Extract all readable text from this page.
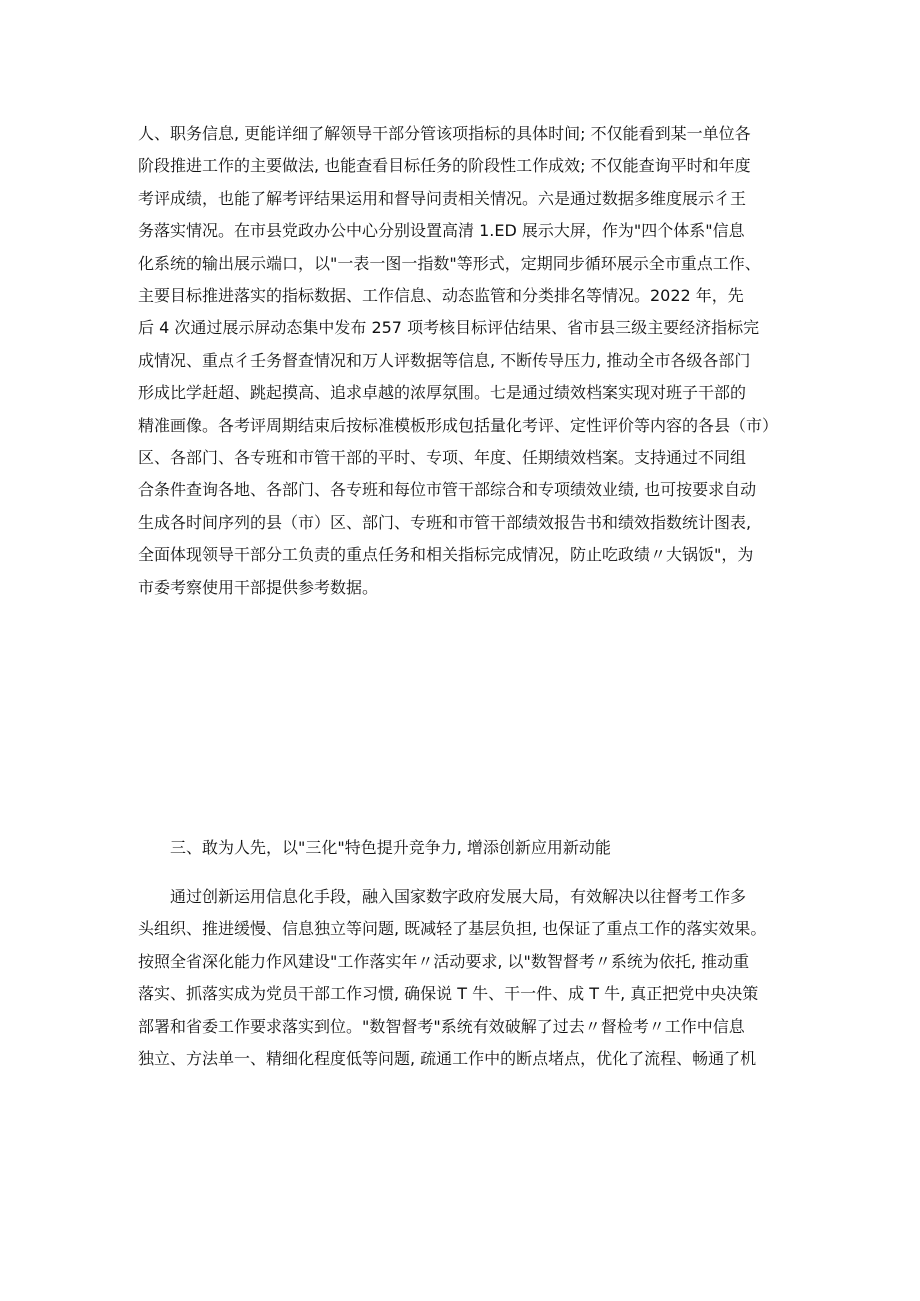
人、职务信息, 更能详细了解领导干部分管该项指标的具体时间; 不仅能看到某一单位各
阶段推进工作的主要做法, 也能查看目标任务的阶段性工作成效; 不仅能查询平时和年度
考评成绩，也能了解考评结果运用和督导问责相关情况。六是通过数据多维度展示彳王
务落实情况。在市县党政办公中心分别设置高清 1.ED 展示大屏，作为"四个体系"信息
化系统的输出展示端口，以"一表一图一指数"等形式，定期同步循环展示全市重点工作、
主要目标推进落实的指标数据、工作信息、动态监管和分类排名等情况。2022 年，先
后 4 次通过展示屏动态集中发布 257 项考核目标评估结果、省市县三级主要经济指标完
成情况、重点彳壬务督查情况和万人评数据等信息, 不断传导压力, 推动全市各级各部门
形成比学赶超、跳起摸高、追求卓越的浓厚氛围。七是通过绩效档案实现对班子干部的
精准画像。各考评周期结束后按标准模板形成包括量化考评、定性评价等内容的各县（市）
区、各部门、各专班和市管干部的平时、专项、年度、任期绩效档案。支持通过不同组
合条件查询各地、各部门、各专班和每位市管干部综合和专项绩效业绩, 也可按要求自动
生成各时间序列的县（市）区、部门、专班和市管干部绩效报告书和绩效指数统计图表,
全面体现领导干部分工负责的重点任务和相关指标完成情况，防止吃政绩〃大锅饭"，为
市委考察使用干部提供参考数据。
三、敢为人先，以"三化"特色提升竞争力, 增添创新应用新动能
通过创新运用信息化手段，融入国家数字政府发展大局，有效解决以往督考工作多
头组织、推进缓慢、信息独立等问题, 既减轻了基层负担, 也保证了重点工作的落实效果。
按照全省深化能力作风建设"工作落实年〃活动要求, 以"数智督考〃系统为依托, 推动重
落实、抓落实成为党员干部工作习惯, 确保说 T 牛、干一件、成 T 牛, 真正把党中央决策
部署和省委工作要求落实到位。"数智督考"系统有效破解了过去〃督检考〃工作中信息
独立、方法单一、精细化程度低等问题, 疏通工作中的断点堵点，优化了流程、畅通了机
